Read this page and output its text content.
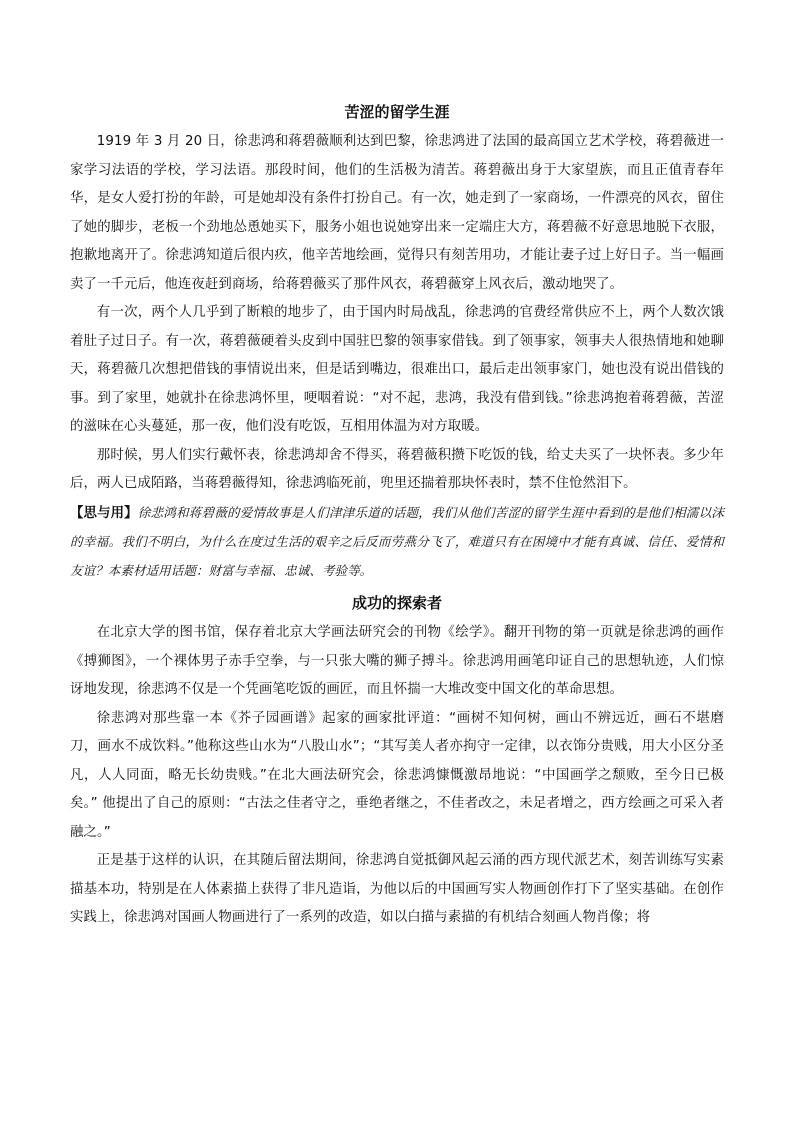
苦涩的留学生涯

1919 年 3 月 20 日，徐悲鸿和蒋碧薇顺利达到巴黎，徐悲鸿进了法国的最高国立艺术学校，蒋碧薇进一家学习法语的学校，学习法语。那段时间，他们的生活极为清苦。蒋碧薇出身于大家望族，而且正值青春年华，是女人爱打扮的年龄，可是她却没有条件打扮自己。有一次，她走到了一家商场，一件漂亮的风衣，留住了她的脚步，老板一个劲地怂恿她买下，服务小姐也说她穿出来一定端庄大方，蒋碧薇不好意思地脱下衣服，抱歉地离开了。徐悲鸿知道后很内疚，他辛苦地绘画，觉得只有刻苦用功，才能让妻子过上好日子。当一幅画卖了一千元后，他连夜赶到商场，给蒋碧薇买了那件风衣，蒋碧薇穿上风衣后，激动地哭了。

有一次，两个人几乎到了断粮的地步了，由于国内时局战乱，徐悲鸿的官费经常供应不上，两个人数次饿着肚子过日子。有一次，蒋碧薇硬着头皮到中国驻巴黎的领事家借钱。到了领事家，领事夫人很热情地和她聊天，蒋碧薇几次想把借钱的事情说出来，但是话到嘴边，很难出口，最后走出领事家门，她也没有说出借钱的事。到了家里，她就扑在徐悲鸿怀里，哽咽着说：“对不起，悲鸿，我没有借到钱。”徐悲鸿抱着蒋碧薇，苦涩的滋味在心头蔓延，那一夜，他们没有吃饭，互相用体温为对方取暖。

那时候，男人们实行戴怀表，徐悲鸿却舍不得买，蒋碧薇积攒下吃饭的钱，给丈夫买了一块怀表。多少年后，两人已成陌路，当蒋碧薇得知，徐悲鸿临死前，兜里还揣着那块怀表时，禁不住怆然泪下。

【思与用】徐悲鸿和蒋碧薇的爱情故事是人们津津乐道的话题，我们从他们苦涩的留学生涯中看到的是他们相濡以沫的幸福。我们不明白，为什么在度过生活的艰辛之后反而劳燕分飞了，难道只有在困境中才能有真诚、信任、爱情和友谊？本素材适用话题：财富与幸福、忠诚、考验等。

成功的探索者

在北京大学的图书馆，保存着北京大学画法研究会的刊物《绘学》。翻开刊物的第一页就是徐悲鸿的画作《搏狮图》，一个裸体男子赤手空拳，与一只张大嘴的狮子搏斗。徐悲鸿用画笔印证自己的思想轨迹，人们惊讶地发现，徐悲鸿不仅是一个凭画笔吃饭的画匠，而且怀揣一大堆改变中国文化的革命思想。

徐悲鸿对那些靠一本《芥子园画谱》起家的画家批评道：“画树不知何树，画山不辨远近，画石不堪磨刀，画水不成饮料。”他称这些山水为“八股山水”；“其写美人者亦拘守一定律，以衣饰分贵贱，用大小区分圣凡，人人同面，略无长幼贵贱。”在北大画法研究会，徐悲鸿慷慨激昂地说：“中国画学之颓败，至今日已极矣。” 他提出了自己的原则：“古法之佳者守之，垂绝者继之，不佳者改之，未足者增之，西方绘画之可采入者融之。”

正是基于这样的认识，在其随后留法期间，徐悲鸿自觉抵御风起云涌的西方现代派艺术，刻苦训练写实素描基本功，特别是在人体素描上获得了非凡造诣，为他以后的中国画写实人物画创作打下了坚实基础。在创作实践上，徐悲鸿对国画人物画进行了一系列的改造，如以白描与素描的有机结合刻画人物肖像；将
